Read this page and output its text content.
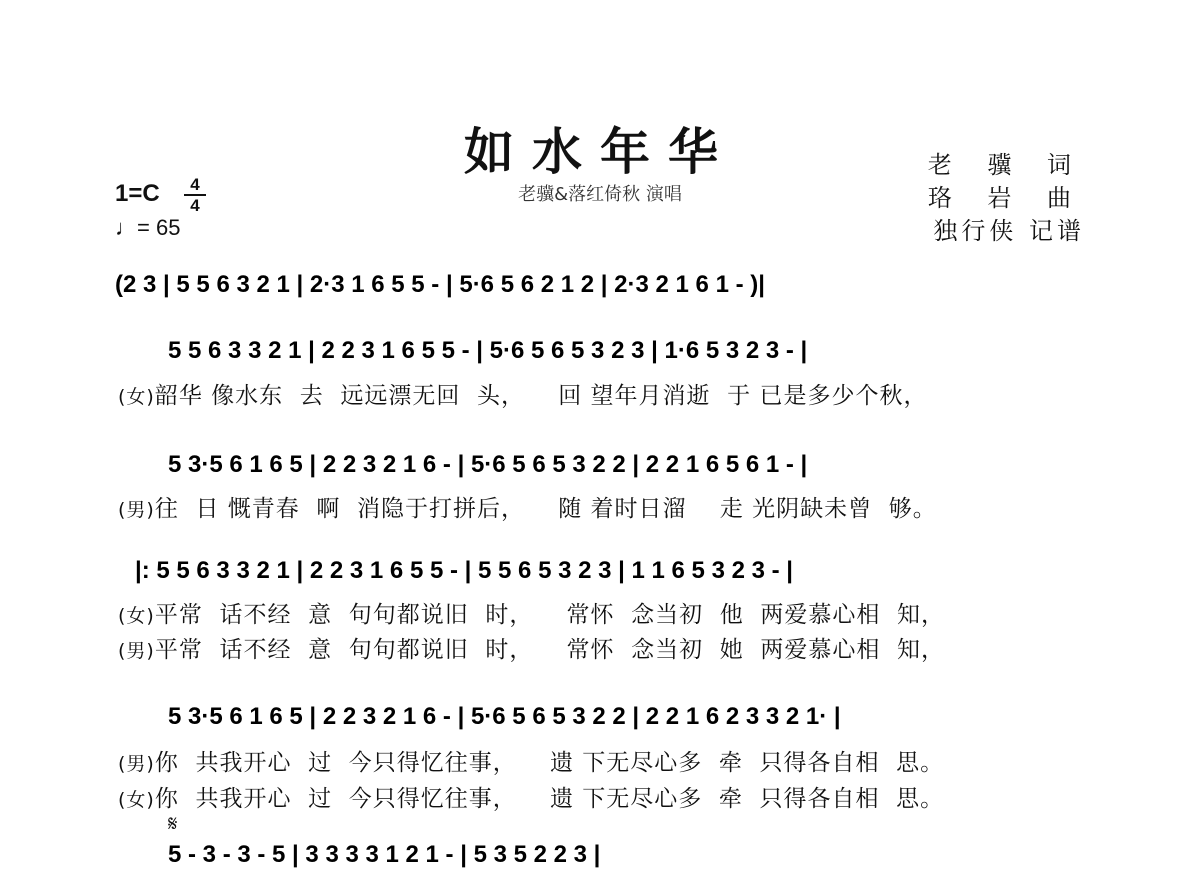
如水年华
老骥&落红倚秋 演唱
老 骥 词
珞 岩 曲
独行侠 记谱
1=C	4
4
♩= 65
(2 3 | 5 5 6 3 2 1 | 2·3 1 6 5 5 - | 5·6 5 6 2 1 2 | 2·3 2 1 6 1 - )|
5 5 6 3 3 2 1 | 2 2 3 1 6 5 5 - | 5·6 5 6 5 3 2 3 | 1·6 5 3 2 3 - |
(女)韶华 像水东  去  远远漂无回  头，    回 望年月消逝  于 已是多少个秋，
5 3·5 6 1 6 5 | 2 2 3 2 1 6 - | 5·6 5 6 5 3 2 2 | 2 2 1 6 5 6 1 - |
(男)往  日 慨青春  啊  消隐于打拼后，    随 着时日溜    走 光阴缺未曾  够。
|: 5 5 6 3 3 2 1 | 2 2 3 1 6 5 5 - | 5 5 6 5 3 2 3 | 1 1 6 5 3 2 3 - |
(女)平常  话不经  意  句句都说旧  时，    常怀  念当初  他  两爱慕心相  知，
(男)平常  话不经  意  句句都说旧  时，    常怀  念当初  她  两爱慕心相  知，
5 3·5 6 1 6 5 | 2 2 3 2 1 6 - | 5·6 5 6 5 3 2 2 | 2 2 1 6 2 3 3 2 1· |
(男)你  共我开心  过  今只得忆往事，    遗 下无尽心多  牵  只得各自相  思。
(女)你  共我开心  过  今只得忆往事，    遗 下无尽心多  牵  只得各自相  思。
𝄋
5 - 3 - 3 - 5 | 3 3 3 3 1 2 1 - | 5 3 5 2 2 3 |
